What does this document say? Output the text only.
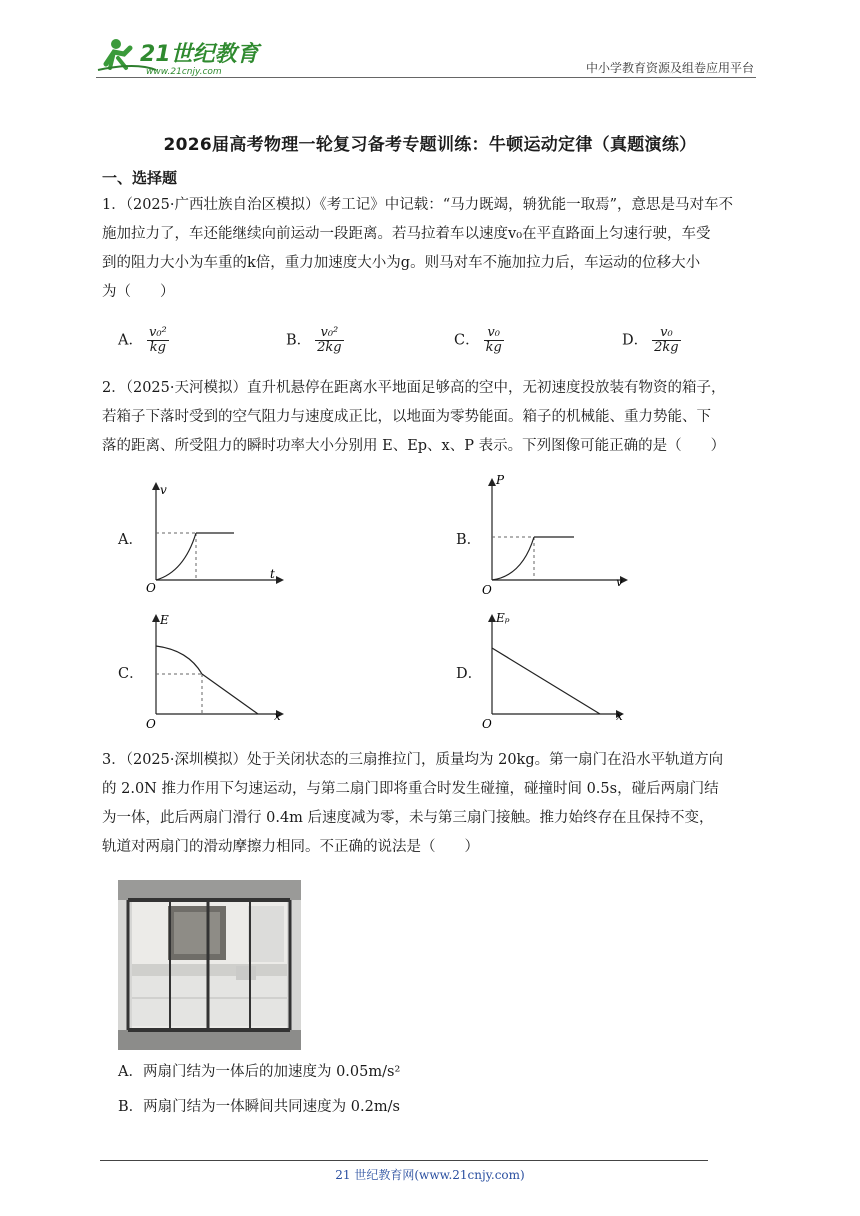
21世纪教育
www.21cnjy.com	中小学教育资源及组卷应用平台
2026届高考物理一轮复习备考专题训练：牛顿运动定律（真题演练）
一、选择题
1．（2025·广西壮族自治区模拟）《考工记》中记载：“马力既竭，辀犹能一取焉”，意思是马对车不
施加拉力了，车还能继续向前运动一段距离。若马拉着车以速度v₀在平直路面上匀速行驶，车受
到的阻力大小为车重的k倍，重力加速度大小为g。则马对车不施加拉力后，车运动的位移大小
为（　　）
A． $\frac{\text{v₀²}}{kg}$	B． $\frac{\text{v₀²}}{2kg}$	C． $\frac{\text{v₀}}{kg}$	D． $\frac{\text{v₀}}{2kg}$
2．（2025·天河模拟）直升机悬停在距离水平地面足够高的空中，无初速度投放装有物资的箱子，
若箱子下落时受到的空气阻力与速度成正比，以地面为零势能面。箱子的机械能、重力势能、下
落的距离、所受阻力的瞬时功率大小分别用 E、Ep、x、P 表示。下列图像可能正确的是（　　）
A．
v
t
O
B．
P
v
O
C．
E
x
O
D．
Eₚ
x
O
3．（2025·深圳模拟）处于关闭状态的三扇推拉门，质量均为 20kg。第一扇门在沿水平轨道方向
的 2.0N 推力作用下匀速运动，与第二扇门即将重合时发生碰撞，碰撞时间 0.5s，碰后两扇门结
为一体，此后两扇门滑行 0.4m 后速度减为零，未与第三扇门接触。推力始终存在且保持不变，
轨道对两扇门的滑动摩擦力相同。不正确的说法是（　　）
A．两扇门结为一体后的加速度为 0.05m/s²
B．两扇门结为一体瞬间共同速度为 0.2m/s
21 世纪教育网(www.21cnjy.com)
